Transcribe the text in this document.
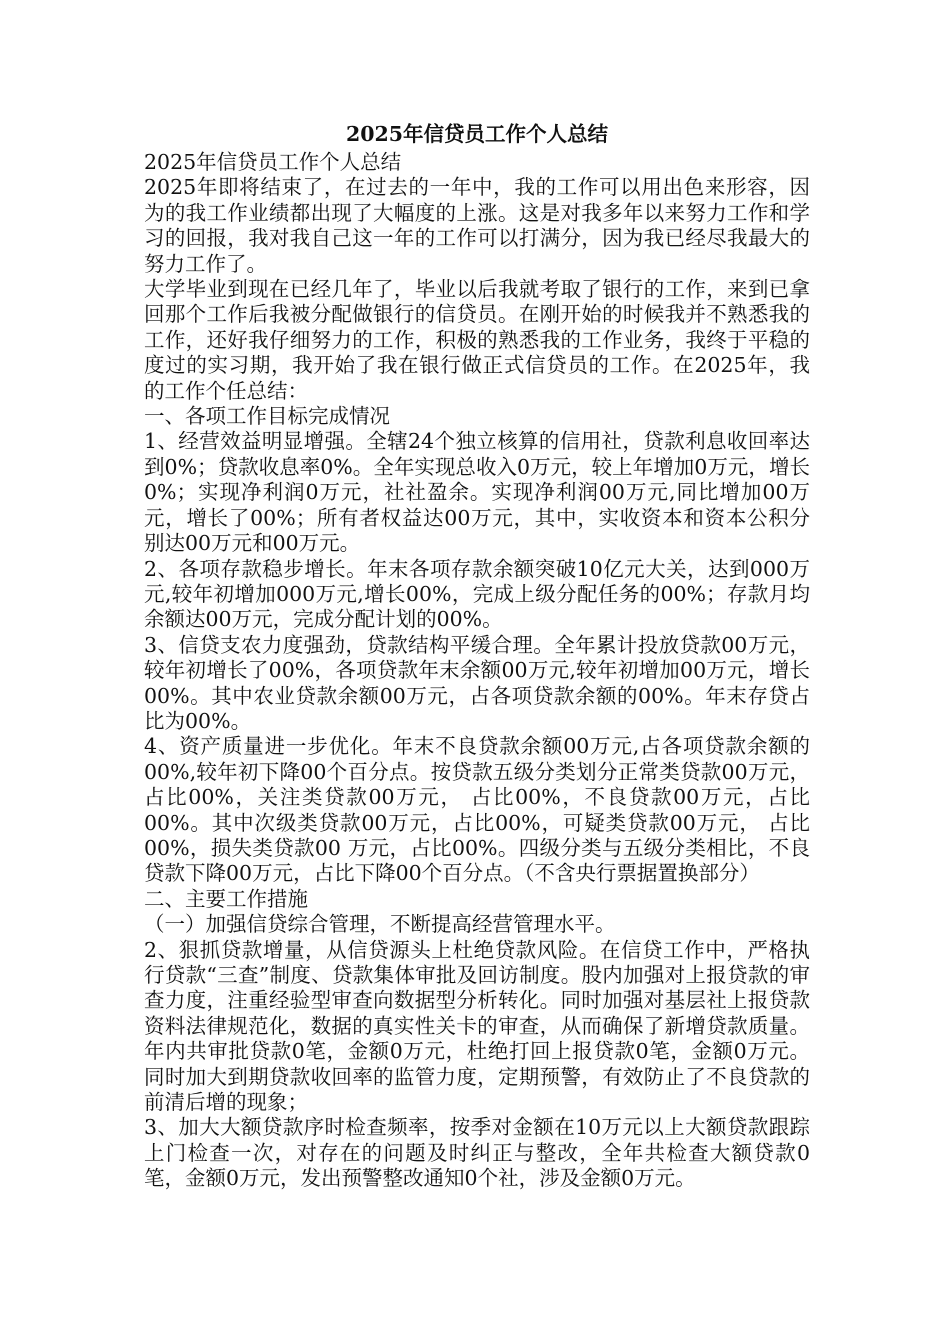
2025年信贷员工作个人总结

2025年信贷员工作个人总结

2025年即将结束了，在过去的一年中，我的工作可以用出色来形容，因为的我工作业绩都出现了大幅度的上涨。这是对我多年以来努力工作和学习的回报，我对我自己这一年的工作可以打满分，因为我已经尽我最大的努力工作了。

大学毕业到现在已经几年了，毕业以后我就考取了银行的工作，来到已拿回那个工作后我被分配做银行的信贷员。在刚开始的时候我并不熟悉我的工作，还好我仔细努力的工作，积极的熟悉我的工作业务，我终于平稳的度过的实习期，我开始了我在银行做正式信贷员的工作。在2025年，我的工作个任总结：

一、各项工作目标完成情况

1、经营效益明显增强。全辖24个独立核算的信用社，贷款利息收回率达到0%；贷款收息率0%。全年实现总收入0万元，较上年增加0万元，增长0%；实现净利润0万元，社社盈余。实现净利润00万元,同比增加00万元，增长了00%；所有者权益达00万元，其中，实收资本和资本公积分别达00万元和00万元。

2、各项存款稳步增长。年末各项存款余额突破10亿元大关，达到000万元,较年初增加000万元,增长00%，完成上级分配任务的00%；存款月均余额达00万元，完成分配计划的00%。

3、信贷支农力度强劲，贷款结构平缓合理。全年累计投放贷款00万元， 较年初增长了00%，各项贷款年末余额00万元,较年初增加00万元，增长00%。其中农业贷款余额00万元，占各项贷款余额的00%。年末存贷占比为00%。

4、资产质量进一步优化。年末不良贷款余额00万元,占各项贷款余额的00%,较年初下降00个百分点。按贷款五级分类划分正常类贷款00万元，占比00%，关注类贷款00万元， 占比00%，不良贷款00万元，占比00%。其中次级类贷款00万元，占比00%，可疑类贷款00万元， 占比00%，损失类贷款00 万元，占比00%。四级分类与五级分类相比，不良贷款下降00万元，占比下降00个百分点。（不含央行票据置换部分）

二、主要工作措施

（一）加强信贷综合管理，不断提高经营管理水平。

2、狠抓贷款增量，从信贷源头上杜绝贷款风险。在信贷工作中，严格执行贷款“三查”制度、贷款集体审批及回访制度。股内加强对上报贷款的审查力度，注重经验型审查向数据型分析转化。同时加强对基层社上报贷款资料法律规范化，数据的真实性关卡的审查，从而确保了新增贷款质量。年内共审批贷款0笔，金额0万元，杜绝打回上报贷款0笔，金额0万元。同时加大到期贷款收回率的监管力度，定期预警，有效防止了不良贷款的前清后增的现象；

3、加大大额贷款序时检查频率，按季对金额在10万元以上大额贷款跟踪上门检查一次，对存在的问题及时纠正与整改，全年共检查大额贷款0笔，金额0万元，发出预警整改通知0个社，涉及金额0万元。
